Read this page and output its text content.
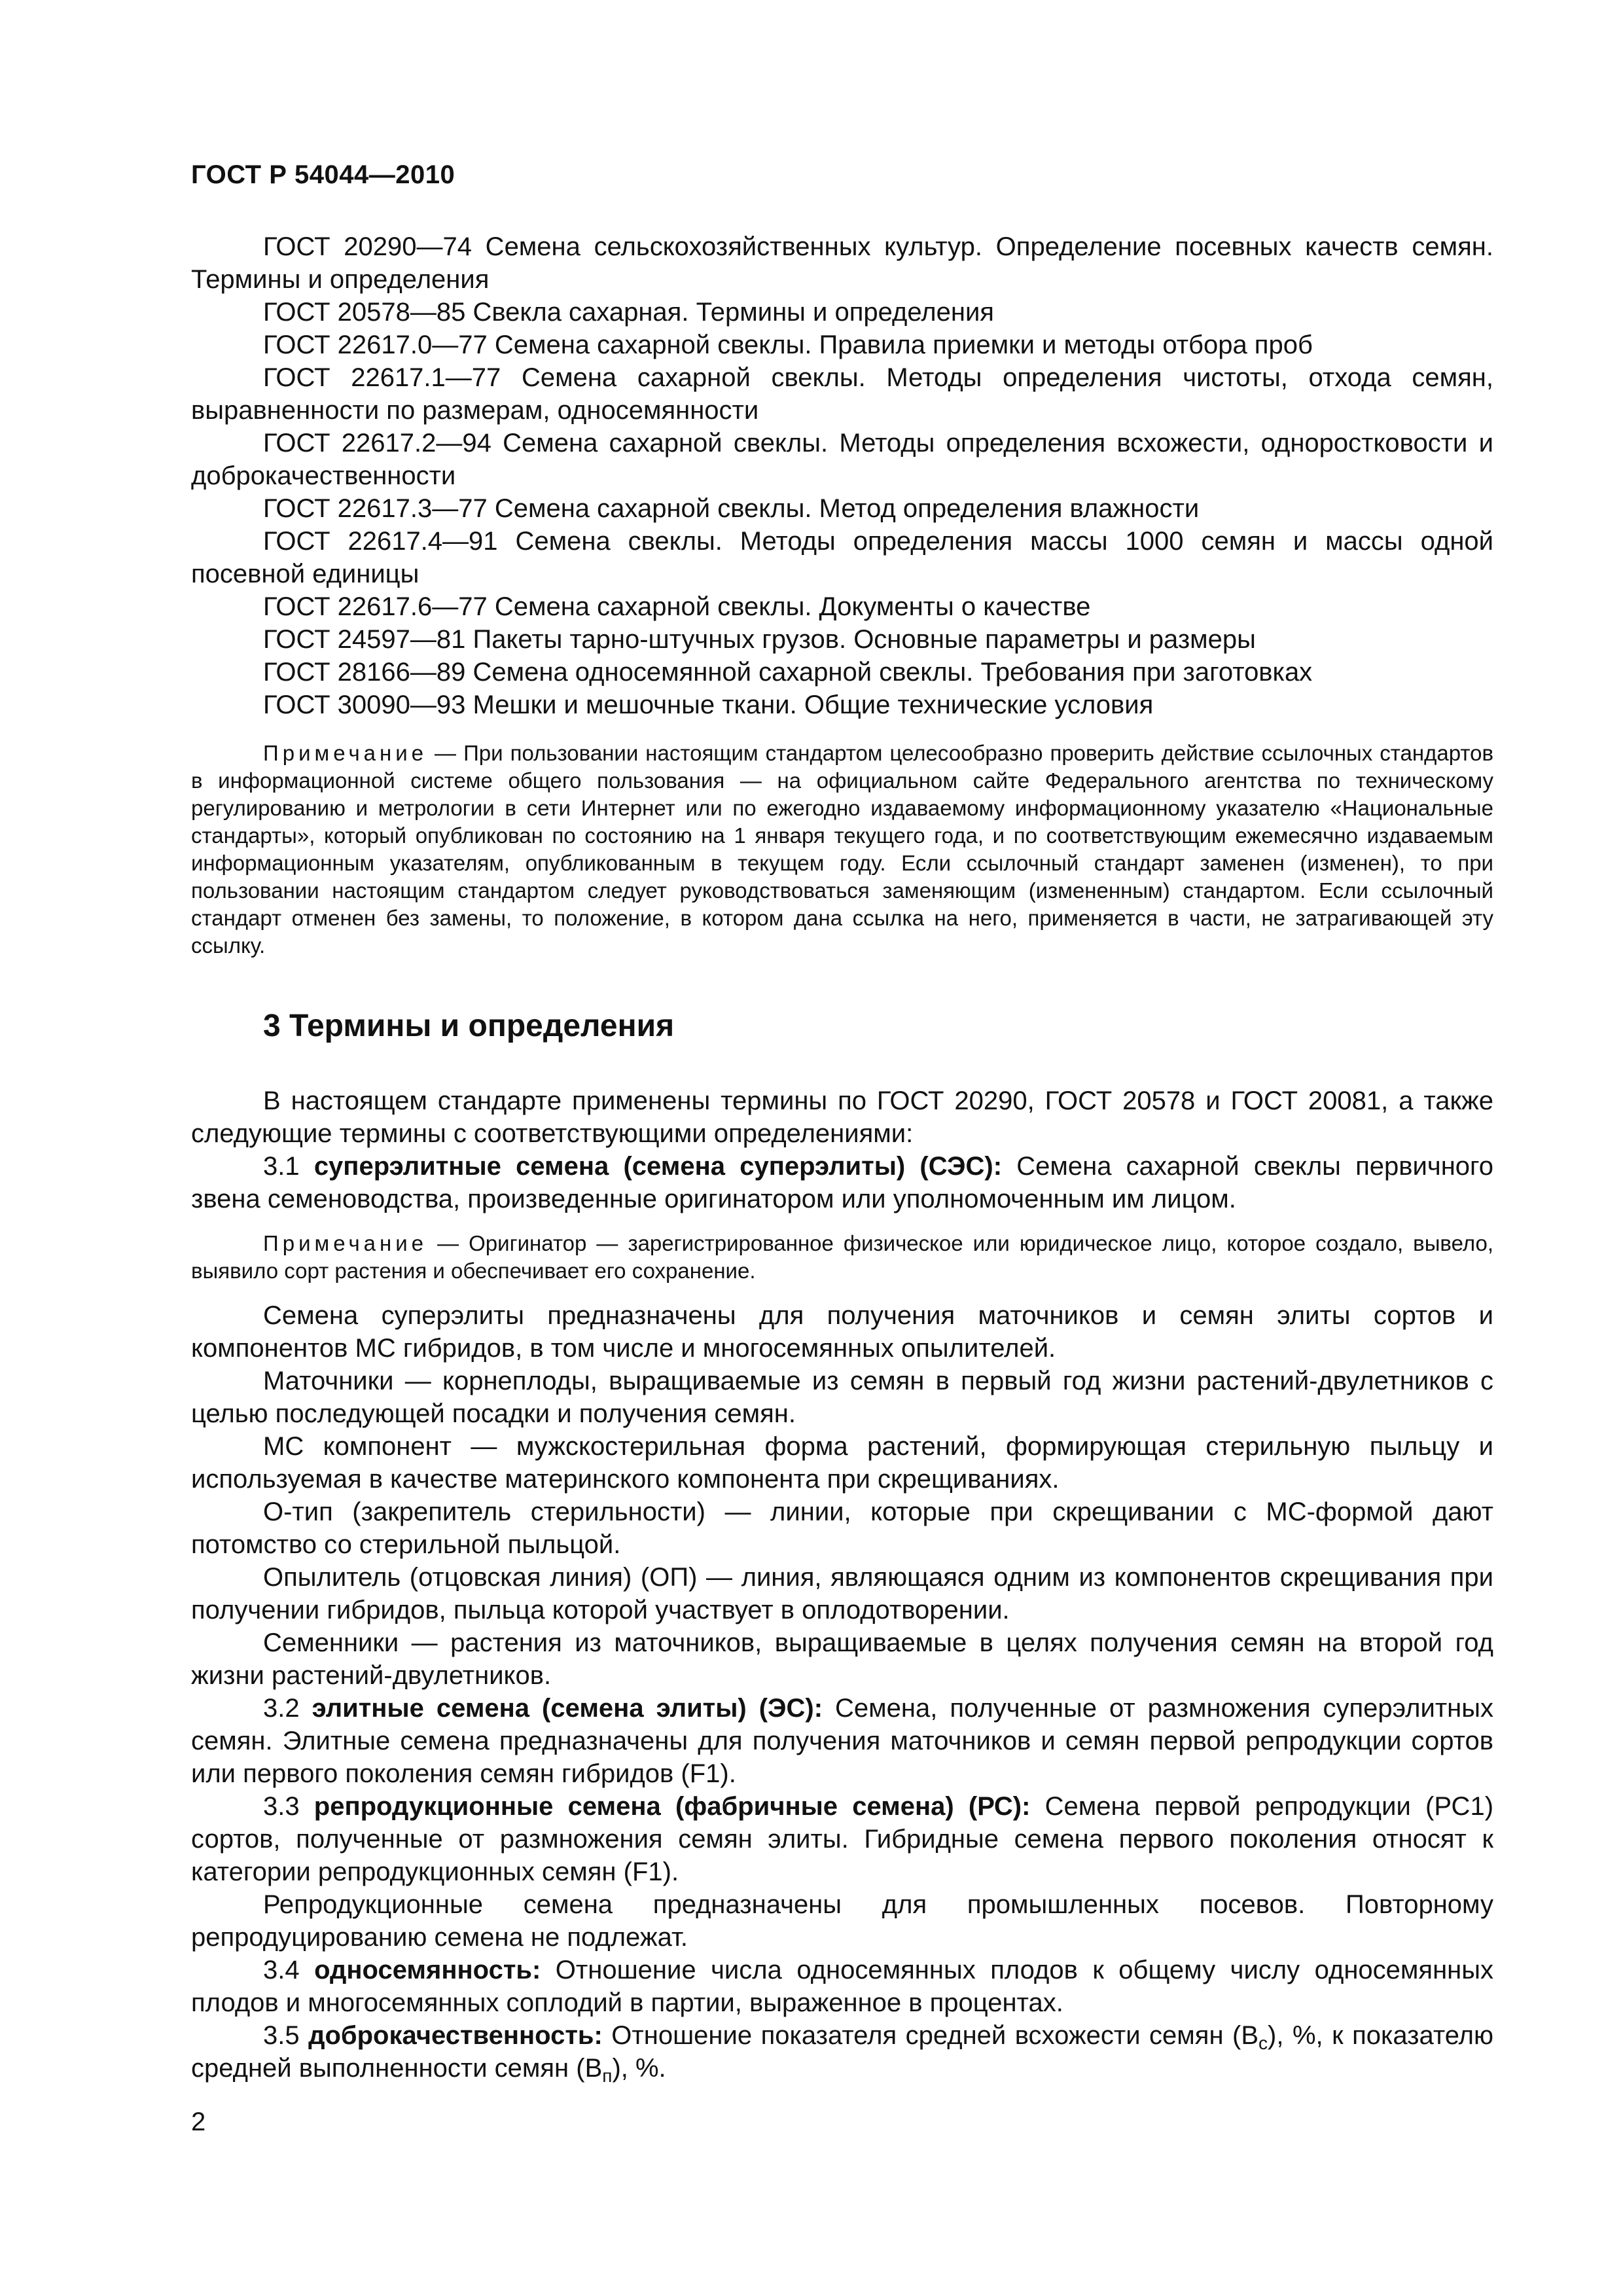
ГОСТ Р 54044—2010

ГОСТ 20290—74 Семена сельскохозяйственных культур. Определение посевных качеств семян. Термины и определения

ГОСТ 20578—85 Свекла сахарная. Термины и определения

ГОСТ 22617.0—77 Семена сахарной свеклы. Правила приемки и методы отбора проб

ГОСТ 22617.1—77 Семена сахарной свеклы. Методы определения чистоты, отхода семян, выравненности по размерам, односемянности

ГОСТ 22617.2—94 Семена сахарной свеклы. Методы определения всхожести, одноростковости и доброкачественности

ГОСТ 22617.3—77 Семена сахарной свеклы. Метод определения влажности

ГОСТ 22617.4—91 Семена свеклы. Методы определения массы 1000 семян и массы одной посевной единицы

ГОСТ 22617.6—77 Семена сахарной свеклы. Документы о качестве

ГОСТ 24597—81 Пакеты тарно-штучных грузов. Основные параметры и размеры

ГОСТ 28166—89 Семена односемянной сахарной свеклы. Требования при заготовках

ГОСТ 30090—93 Мешки и мешочные ткани. Общие технические условия

Примечание — При пользовании настоящим стандартом целесообразно проверить действие ссылочных стандартов в информационной системе общего пользования — на официальном сайте Федерального агентства по техническому регулированию и метрологии в сети Интернет или по ежегодно издаваемому информационному указателю «Национальные стандарты», который опубликован по состоянию на 1 января текущего года, и по соответствующим ежемесячно издаваемым информационным указателям, опубликованным в текущем году. Если ссылочный стандарт заменен (изменен), то при пользовании настоящим стандартом следует руководствоваться заменяющим (измененным) стандартом. Если ссылочный стандарт отменен без замены, то положение, в котором дана ссылка на него, применяется в части, не затрагивающей эту ссылку.

3 Термины и определения

В настоящем стандарте применены термины по ГОСТ 20290, ГОСТ 20578 и ГОСТ 20081, а также следующие термины с соответствующими определениями:

3.1 суперэлитные семена (семена суперэлиты) (СЭС): Семена сахарной свеклы первичного звена семеноводства, произведенные оригинатором или уполномоченным им лицом.

Примечание — Оригинатор — зарегистрированное физическое или юридическое лицо, которое создало, вывело, выявило сорт растения и обеспечивает его сохранение.

Семена суперэлиты предназначены для получения маточников и семян элиты сортов и компонентов МС гибридов, в том числе и многосемянных опылителей.

Маточники — корнеплоды, выращиваемые из семян в первый год жизни растений-двулетников с целью последующей посадки и получения семян.

МС компонент — мужскостерильная форма растений, формирующая стерильную пыльцу и используемая в качестве материнского компонента при скрещиваниях.

О-тип (закрепитель стерильности) — линии, которые при скрещивании с МС-формой дают потомство со стерильной пыльцой.

Опылитель (отцовская линия) (ОП) — линия, являющаяся одним из компонентов скрещивания при получении гибридов, пыльца которой участвует в оплодотворении.

Семенники — растения из маточников, выращиваемые в целях получения семян на второй год жизни растений-двулетников.

3.2 элитные семена (семена элиты) (ЭС): Семена, полученные от размножения суперэлитных семян. Элитные семена предназначены для получения маточников и семян первой репродукции сортов или первого поколения семян гибридов (F1).

3.3 репродукционные семена (фабричные семена) (РС): Семена первой репродукции (РС1) сортов, полученные от размножения семян элиты. Гибридные семена первого поколения относят к категории репродукционных семян (F1).

Репродукционные семена предназначены для промышленных посевов. Повторному репродуцированию семена не подлежат.

3.4 односемянность: Отношение числа односемянных плодов к общему числу односемянных плодов и многосемянных соплодий в партии, выраженное в процентах.

3.5 доброкачественность: Отношение показателя средней всхожести семян $(В_с)$, %, к показателю средней выполненности семян $(В_п)$, %.

2
